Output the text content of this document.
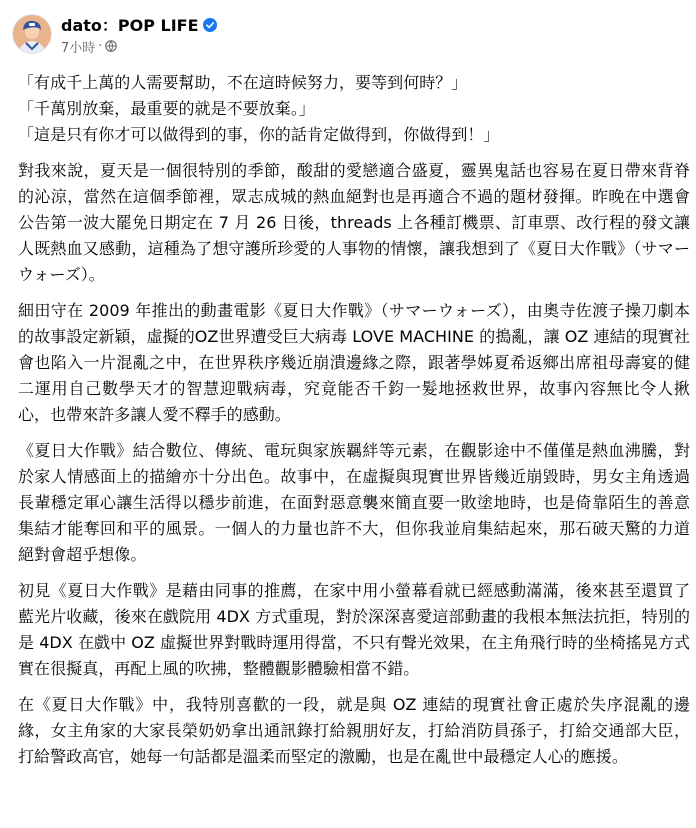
dato：POP LIFE
7小時 ·
「有成千上萬的人需要幫助，不在這時候努力，要等到何時？」
「千萬別放棄，最重要的就是不要放棄。」
「這是只有你才可以做得到的事，你的話肯定做得到，你做得到！」

對我來說，夏天是一個很特別的季節，酸甜的愛戀適合盛夏，靈異鬼話也容易在夏日帶來背脊的沁涼，當然在這個季節裡，眾志成城的熱血絕對也是再適合不過的題材發揮。昨晚在中選會公告第一波大罷免日期定在 7 月 26 日後，threads 上各種訂機票、訂車票、改行程的發文讓人既熱血又感動，這種為了想守護所珍愛的人事物的情懷，讓我想到了《夏日大作戰》（サマーウォーズ）。

細田守在 2009 年推出的動畫電影《夏日大作戰》（サマーウォーズ），由奧寺佐渡子操刀劇本的故事設定新穎，虛擬的OZ世界遭受巨大病毒 LOVE MACHINE 的搗亂，讓 OZ 連結的現實社會也陷入一片混亂之中，在世界秩序幾近崩潰邊緣之際，跟著學姊夏希返鄉出席祖母壽宴的健二運用自己數學天才的智慧迎戰病毒，究竟能否千鈞一髮地拯救世界，故事內容無比令人揪心，也帶來許多讓人愛不釋手的感動。

《夏日大作戰》結合數位、傳統、電玩與家族羈絆等元素，在觀影途中不僅僅是熱血沸騰，對於家人情感面上的描繪亦十分出色。故事中，在虛擬與現實世界皆幾近崩毀時，男女主角透過長輩穩定軍心讓生活得以穩步前進，在面對惡意襲來簡直要一敗塗地時，也是倚靠陌生的善意集結才能奪回和平的風景。一個人的力量也許不大，但你我並肩集結起來，那石破天驚的力道絕對會超乎想像。

初見《夏日大作戰》是藉由同事的推薦，在家中用小螢幕看就已經感動滿滿，後來甚至還買了藍光片收藏，後來在戲院用 4DX 方式重現，對於深深喜愛這部動畫的我根本無法抗拒，特別的是 4DX 在戲中 OZ 虛擬世界對戰時運用得當，不只有聲光效果，在主角飛行時的坐椅搖晃方式實在很擬真，再配上風的吹拂，整體觀影體驗相當不錯。

在《夏日大作戰》中，我特別喜歡的一段，就是與 OZ 連結的現實社會正處於失序混亂的邊緣，女主角家的大家長榮奶奶拿出通訊錄打給親朋好友，打給消防員孫子，打給交通部大臣，打給警政高官，她每一句話都是溫柔而堅定的激勵，也是在亂世中最穩定人心的應援。
